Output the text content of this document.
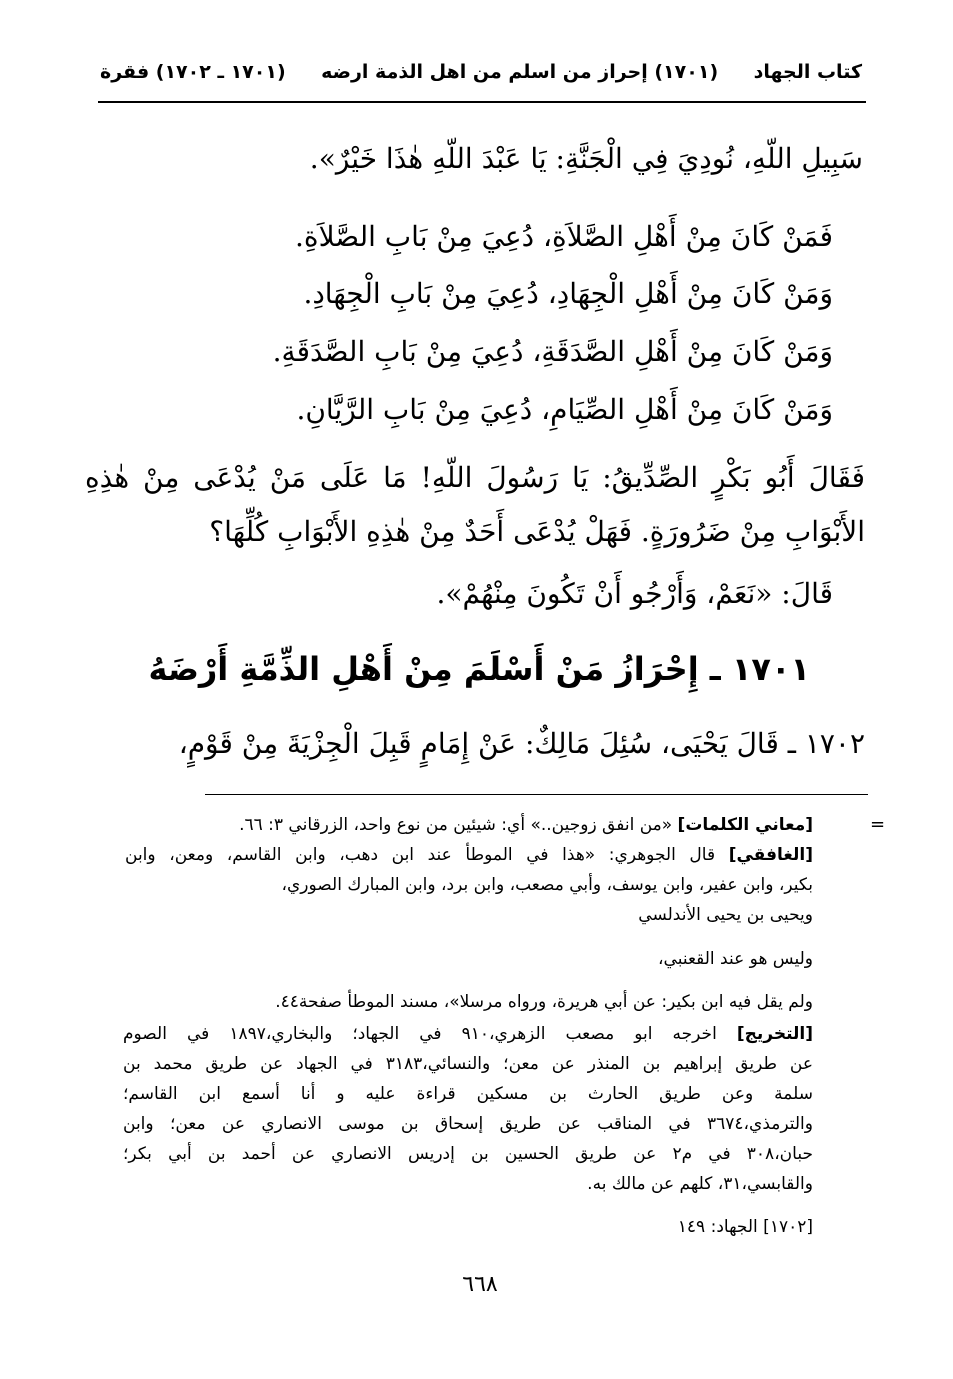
كتاب الجهاد
(١٧٠١) إحراز من اسلم من اهل الذمة ارضه
(١٧٠١ ـ ١٧٠٢) فقرة
سَبِيلِ اللّهِ، نُودِيَ فِي الْجَنَّةِ: يَا عَبْدَ اللّهِ هٰذَا خَيْرٌ».
فَمَنْ كَانَ مِنْ أَهْلِ الصَّلاَةِ، دُعِيَ مِنْ بَابِ الصَّلاَةِ.
وَمَنْ كَانَ مِنْ أَهْلِ الْجِهَادِ، دُعِيَ مِنْ بَابِ الْجِهَادِ.
وَمَنْ كَانَ مِنْ أَهْلِ الصَّدَقَةِ، دُعِيَ مِنْ بَابِ الصَّدَقَةِ.
وَمَنْ كَانَ مِنْ أَهْلِ الصِّيَامِ، دُعِيَ مِنْ بَابِ الرَّيَّانِ.
فَقَالَ أَبُو بَكْرٍ الصِّدِّيقُ: يَا رَسُولَ اللّهِ! مَا عَلَى مَنْ يُدْعَى مِنْ هٰذِهِ
الأَبْوَابِ مِنْ ضَرُورَةٍ. فَهَلْ يُدْعَى أَحَدٌ مِنْ هٰذِهِ الأَبْوَابِ كُلِّهَا؟
قَالَ: «نَعَمْ، وَأَرْجُو أَنْ تَكُونَ مِنْهُمْ».
١٧٠١ ـ إِحْرَازُ مَنْ أَسْلَمَ مِنْ أَهْلِ الذِّمَّةِ أَرْضَهُ
١٧٠٢ ـ قَالَ يَحْيَى، سُئِلَ مَالِكٌ: عَنْ إِمَامٍ قَبِلَ الْجِزْيَةَ مِنْ قَوْمٍ،
=
[معاني الكلمات] «من انفق زوجين..» أي: شيئين من نوع واحد، الزرقاني ٣: ٦٦.
[الغافقي] قال الجوهري: «هذا في الموطأ عند ابن دهب، وابن القاسم، ومعن، وابن
بكير، وابن عفير، وابن يوسف، وأبي مصعب، وابن برد، وابن المبارك الصوري،
ويحيى بن يحيى الأندلسي
وليس هو عند القعنبي،
ولم يقل فيه ابن بكير: عن أبي هريرة، ورواه مرسلا»، مسند الموطأ صفحة٤٤.
[التخريج] اخرجه ابو مصعب الزهري،٩١٠ في الجهاد؛ والبخاري،١٨٩٧ في الصوم
عن طريق إبراهيم بن المنذر عن معن؛ والنسائي،٣١٨٣ في الجهاد عن طريق محمد بن
سلمة وعن طريق الحارث بن مسكين قراءة عليه و أنا أسمع ابن القاسم؛
والترمذي،٣٦٧٤ في المناقب عن طريق إسحاق بن موسى الانصاري عن معن؛ وابن
حبان،٣٠٨ في م٢ عن طريق الحسين بن إدريس الانصاري عن أحمد بن أبي بكر؛
والقابسي،٣١، كلهم عن مالك به.
[١٧٠٢] الجهاد: ١٤٩
٦٦٨
